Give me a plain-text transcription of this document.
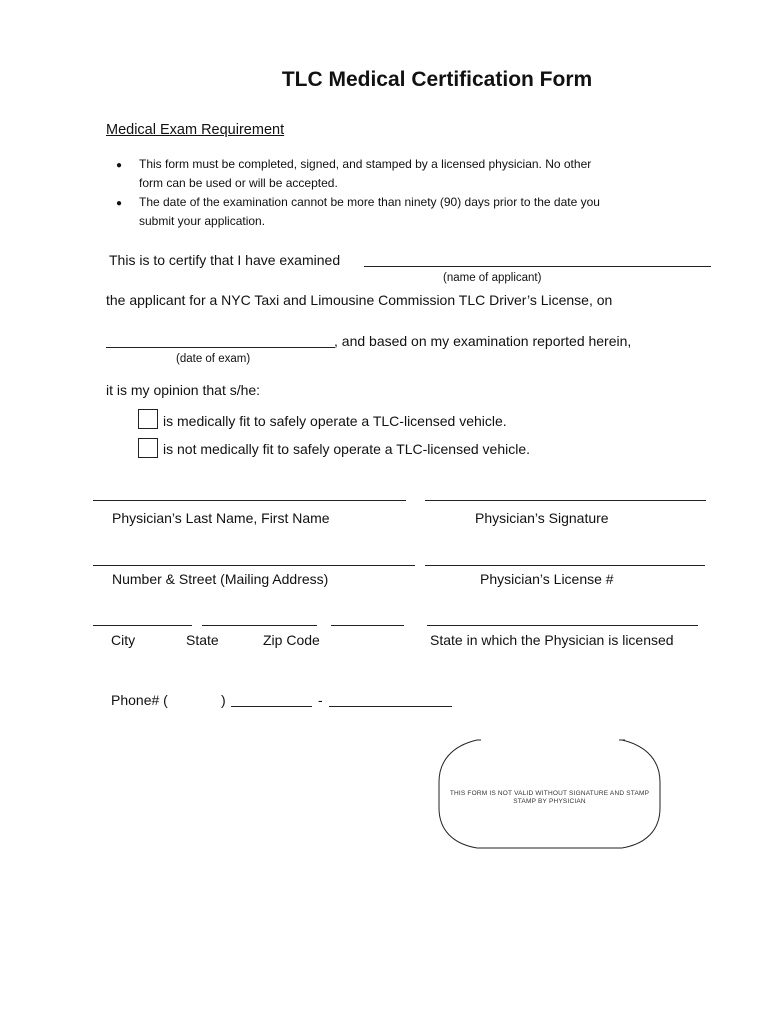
TLC Medical Certification Form
Medical Exam Requirement
● This form must be completed, signed, and stamped by a licensed physician. No other
form can be used or will be accepted.
● The date of the examination cannot be more than ninety (90) days prior to the date you
submit your application.
This is to certify that I have examined
(name of applicant)
the applicant for a NYC Taxi and Limousine Commission TLC Driver’s License, on
, and based on my examination reported herein,
(date of exam)
it is my opinion that s/he:
is medically fit to safely operate a TLC-licensed vehicle.
is not medically fit to safely operate a TLC-licensed vehicle.
Physician’s Last Name, First Name	Physician’s Signature
Number & Street (Mailing Address)	Physician’s License #
City	State	Zip Code	State in which the Physician is licensed
Phone# (	)	-
THIS FORM IS NOT VALID WITHOUT SIGNATURE AND STAMP
STAMP BY PHYSICIAN
